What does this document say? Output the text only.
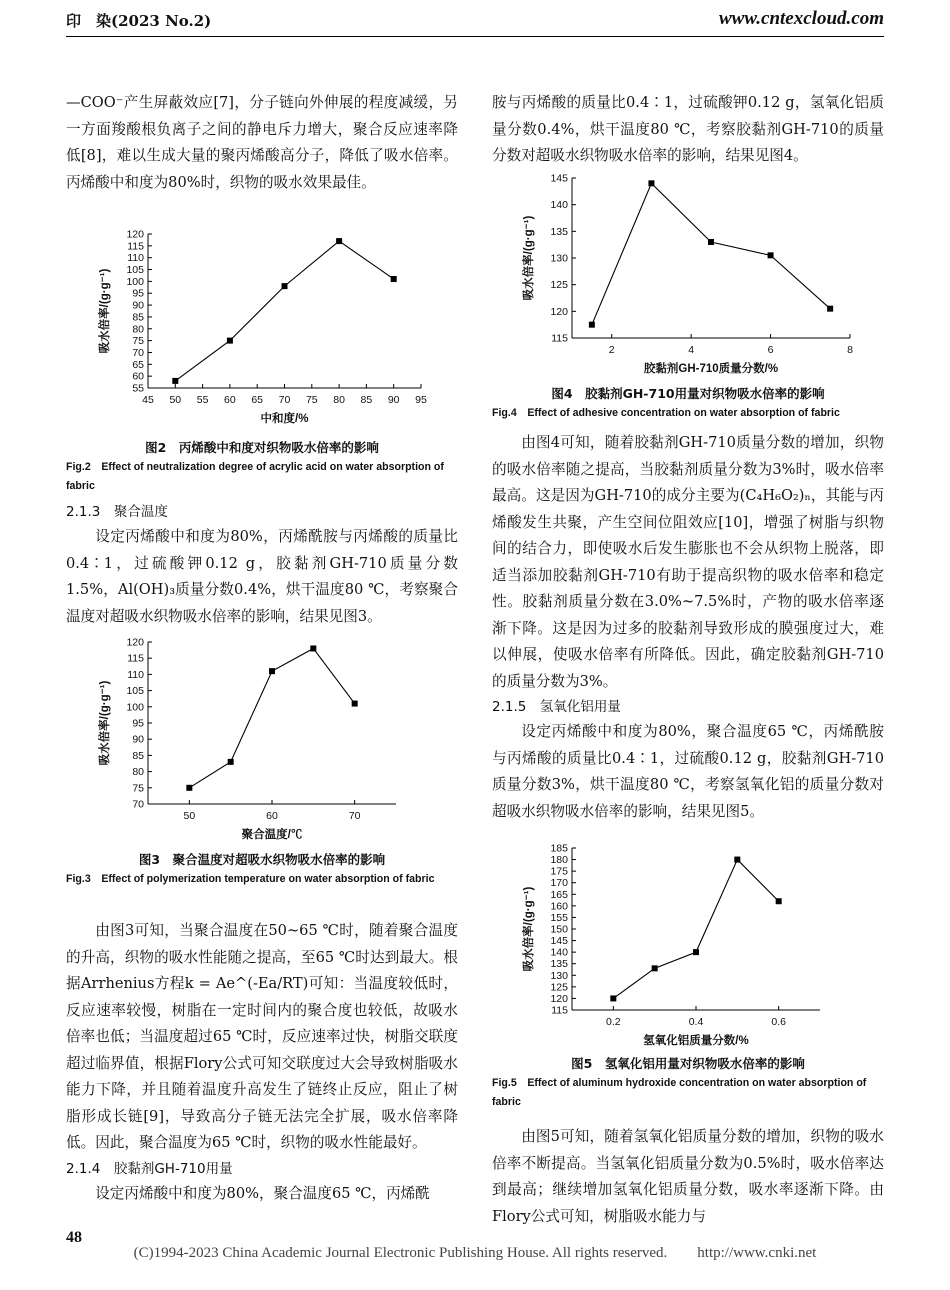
印　染(2023 No.2)	www.cntexcloud.com

—COO⁻产生屏蔽效应[7]，分子链向外伸展的程度减缓，另一方面羧酸根负离子之间的静电斥力增大，聚合反应速率降低[8]，难以生成大量的聚丙烯酸高分子，降低了吸水倍率。丙烯酸中和度为80%时，织物的吸水效果最佳。

55
60
65
70
75
80
85
90
95
100
105
110
115
120
45 50 55 60 65 70 75 80 85 90 95
中和度/%
吸水倍率/(g·g⁻¹)

图2　丙烯酸中和度对织物吸水倍率的影响

Fig.2　Effect of neutralization degree of acrylic acid on water absorption of fabric

2.1.3　聚合温度

设定丙烯酸中和度为80%，丙烯酰胺与丙烯酸的质量比0.4∶1，过硫酸钾0.12 g，胶黏剂GH-710质量分数1.5%，Al(OH)₃质量分数0.4%，烘干温度80 ℃，考察聚合温度对超吸水织物吸水倍率的影响，结果见图3。

70
75
80
85
90
95
100
105
110
115
120
50	60	70
聚合温度/℃
吸水倍率/(g·g⁻¹)

图3　聚合温度对超吸水织物吸水倍率的影响

Fig.3　Effect of polymerization temperature on water absorption of fabric

由图3可知，当聚合温度在50~65 ℃时，随着聚合温度的升高，织物的吸水性能随之提高，至65 ℃时达到最大。根据Arrhenius方程k = Ae^(-Ea/RT)可知：当温度较低时，反应速率较慢，树脂在一定时间内的聚合度也较低，故吸水倍率也低；当温度超过65 ℃时，反应速率过快，树脂交联度超过临界值，根据Flory公式可知交联度过大会导致树脂吸水能力下降，并且随着温度升高发生了链终止反应，阻止了树脂形成长链[9]，导致高分子链无法完全扩展，吸水倍率降低。因此，聚合温度为65 ℃时，织物的吸水性能最好。

2.1.4　胶黏剂GH-710用量

设定丙烯酸中和度为80%，聚合温度65 ℃，丙烯酰

胺与丙烯酸的质量比0.4∶1，过硫酸钾0.12 g，氢氧化铝质量分数0.4%，烘干温度80 ℃，考察胶黏剂GH-710的质量分数对超吸水织物吸水倍率的影响，结果见图4。

115
120
125
130
135
140
145
2	4	6	8
胶黏剂GH-710质量分数/%
吸水倍率/(g·g⁻¹)

图4　胶黏剂GH-710用量对织物吸水倍率的影响

Fig.4　Effect of adhesive concentration on water absorption of fabric

由图4可知，随着胶黏剂GH-710质量分数的增加，织物的吸水倍率随之提高，当胶黏剂质量分数为3%时，吸水倍率最高。这是因为GH-710的成分主要为(C₄H₆O₂)ₙ，其能与丙烯酸发生共聚，产生空间位阻效应[10]，增强了树脂与织物间的结合力，即使吸水后发生膨胀也不会从织物上脱落，即适当添加胶黏剂GH-710有助于提高织物的吸水倍率和稳定性。胶黏剂质量分数在3.0%~7.5%时，产物的吸水倍率逐渐下降。这是因为过多的胶黏剂导致形成的膜强度过大，难以伸展，使吸水倍率有所降低。因此，确定胶黏剂GH-710的质量分数为3%。

2.1.5　氢氧化铝用量

设定丙烯酸中和度为80%，聚合温度65 ℃，丙烯酰胺与丙烯酸的质量比0.4∶1，过硫酸0.12 g，胶黏剂GH-710质量分数3%，烘干温度80 ℃，考察氢氧化铝的质量分数对超吸水织物吸水倍率的影响，结果见图5。

115
120
125
130
135
140
145
150
155
160
165
170
175
180
185
0.2	0.4	0.6
氢氧化铝质量分数/%
吸水倍率/(g·g⁻¹)

图5　氢氧化铝用量对织物吸水倍率的影响

Fig.5　Effect of aluminum hydroxide concentration on water absorption of fabric

由图5可知，随着氢氧化铝质量分数的增加，织物的吸水倍率不断提高。当氢氧化铝质量分数为0.5%时，吸水倍率达到最高；继续增加氢氧化铝质量分数，吸水率逐渐下降。由Flory公式可知，树脂吸水能力与

48
(C)1994-2023 China Academic Journal Electronic Publishing House. All rights reserved.　　http://www.cnki.net
